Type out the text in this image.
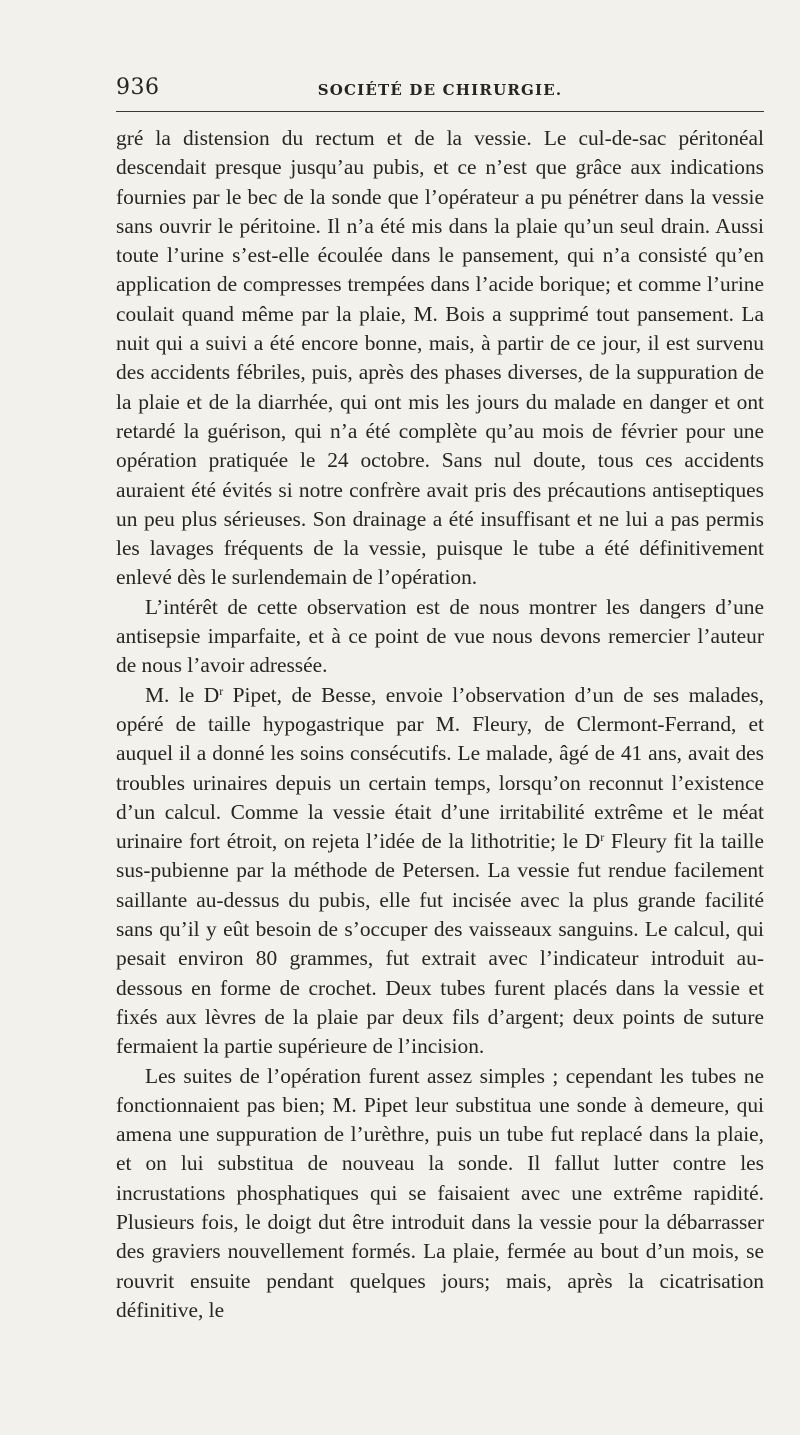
936	SOCIÉTÉ DE CHIRURGIE.

gré la distension du rectum et de la vessie. Le cul-de-sac péritonéal descendait presque jusqu’au pubis, et ce n’est que grâce aux indications fournies par le bec de la sonde que l’opérateur a pu pénétrer dans la vessie sans ouvrir le péritoine. Il n’a été mis dans la plaie qu’un seul drain. Aussi toute l’urine s’est-elle écoulée dans le pansement, qui n’a consisté qu’en application de compresses trempées dans l’acide borique; et comme l’urine coulait quand même par la plaie, M. Bois a supprimé tout pansement. La nuit qui a suivi a été encore bonne, mais, à partir de ce jour, il est survenu des accidents fébriles, puis, après des phases diverses, de la suppuration de la plaie et de la diarrhée, qui ont mis les jours du malade en danger et ont retardé la guérison, qui n’a été complète qu’au mois de février pour une opération pratiquée le 24 octobre. Sans nul doute, tous ces accidents auraient été évités si notre confrère avait pris des précautions antiseptiques un peu plus sérieuses. Son drainage a été insuffisant et ne lui a pas permis les lavages fréquents de la vessie, puisque le tube a été définitivement enlevé dès le surlendemain de l’opération.

L’intérêt de cette observation est de nous montrer les dangers d’une antisepsie imparfaite, et à ce point de vue nous devons remercier l’auteur de nous l’avoir adressée.

M. le $D^r$ Pipet, de Besse, envoie l’observation d’un de ses malades, opéré de taille hypogastrique par M. Fleury, de Clermont-Ferrand, et auquel il a donné les soins consécutifs. Le malade, âgé de 41 ans, avait des troubles urinaires depuis un certain temps, lorsqu’on reconnut l’existence d’un calcul. Comme la vessie était d’une irritabilité extrême et le méat urinaire fort étroit, on rejeta l’idée de la lithotritie; le $D^r$ Fleury fit la taille sus-pubienne par la méthode de Petersen. La vessie fut rendue facilement saillante au-dessus du pubis, elle fut incisée avec la plus grande facilité sans qu’il y eût besoin de s’occuper des vaisseaux sanguins. Le calcul, qui pesait environ 80 grammes, fut extrait avec l’indicateur introduit au-dessous en forme de crochet. Deux tubes furent placés dans la vessie et fixés aux lèvres de la plaie par deux fils d’argent; deux points de suture fermaient la partie supérieure de l’incision.

Les suites de l’opération furent assez simples ; cependant les tubes ne fonctionnaient pas bien; M. Pipet leur substitua une sonde à demeure, qui amena une suppuration de l’urèthre, puis un tube fut replacé dans la plaie, et on lui substitua de nouveau la sonde. Il fallut lutter contre les incrustations phosphatiques qui se faisaient avec une extrême rapidité. Plusieurs fois, le doigt dut être introduit dans la vessie pour la débarrasser des graviers nouvellement formés. La plaie, fermée au bout d’un mois, se rouvrit ensuite pendant quelques jours; mais, après la cicatrisation définitive, le
